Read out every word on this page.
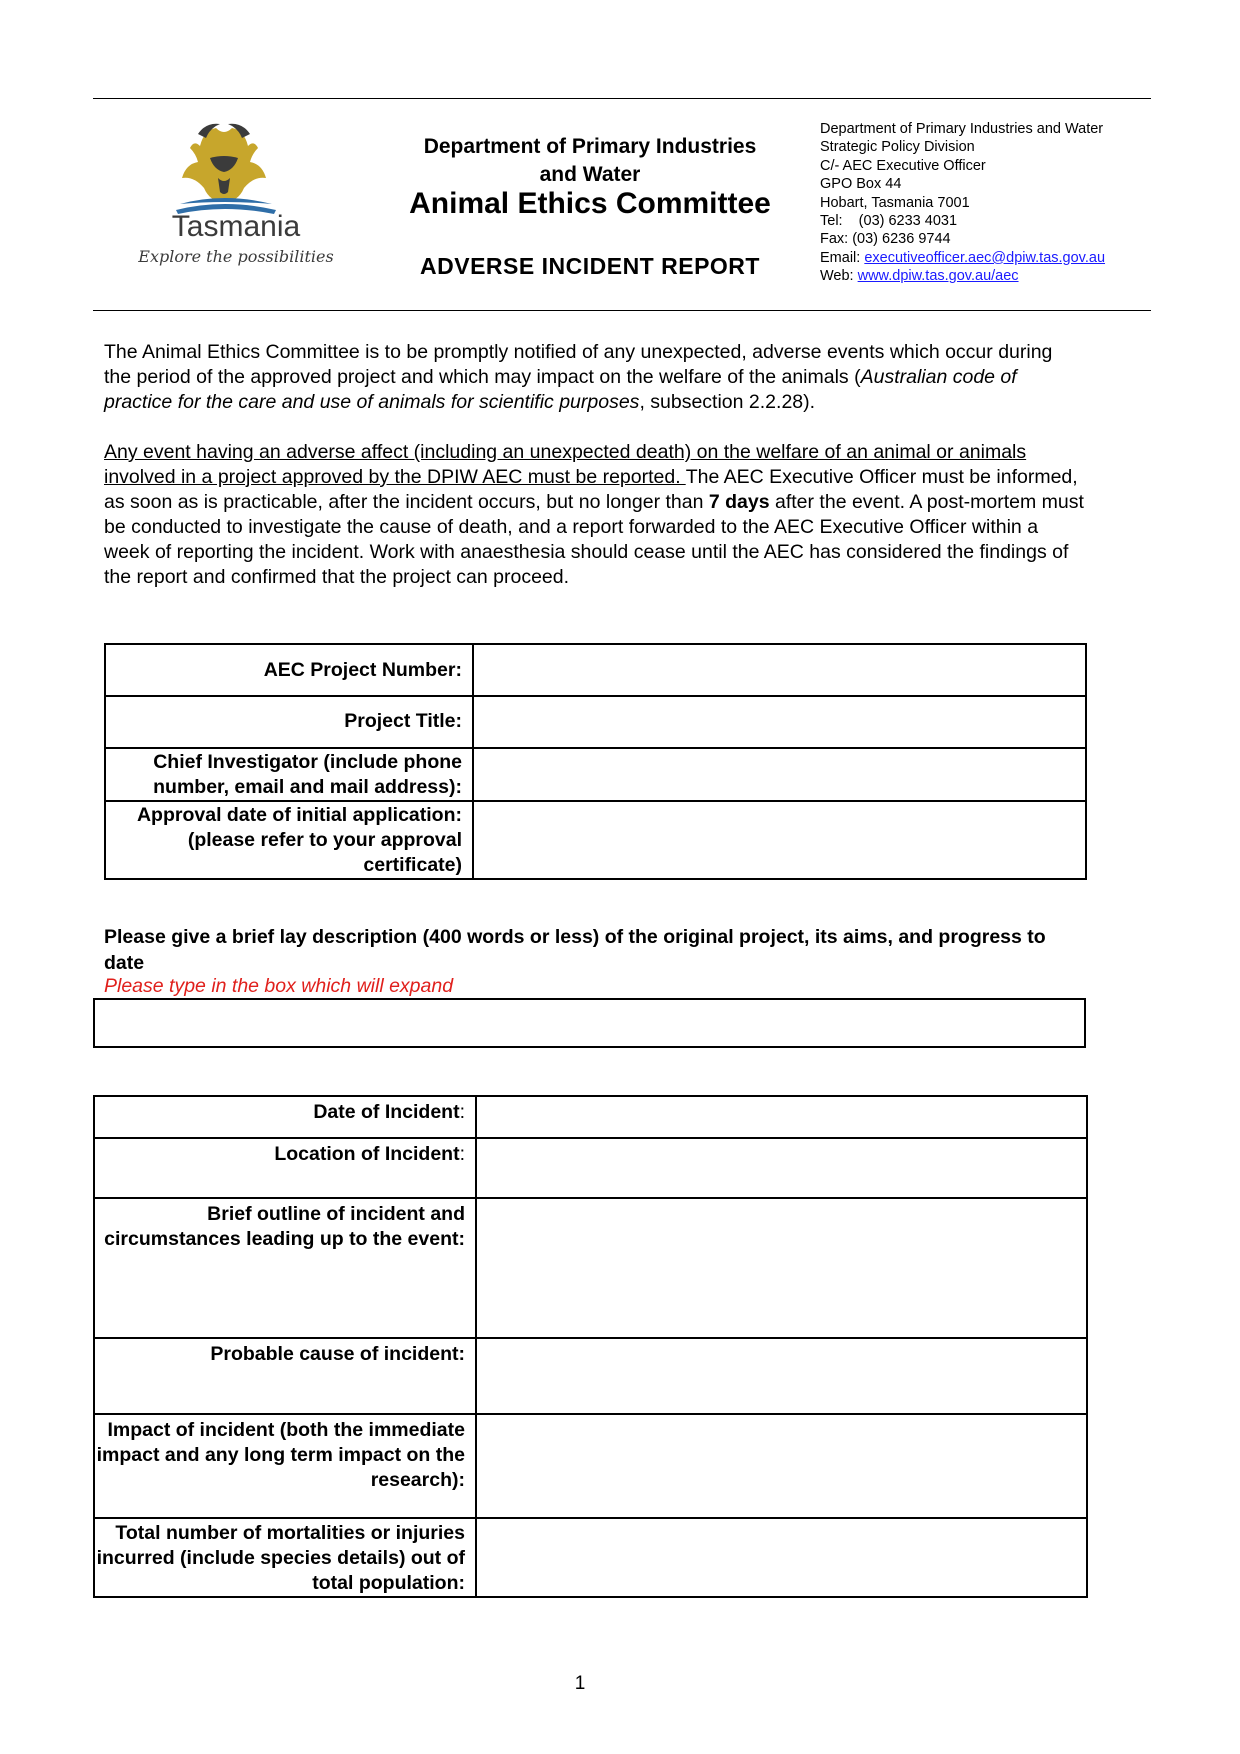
Tasmania
Explore the possibilities
Department of Primary Industries
and Water
Animal Ethics Committee
ADVERSE INCIDENT REPORT
Department of Primary Industries and Water
Strategic Policy Division
C/- AEC Executive Officer
GPO Box 44
Hobart, Tasmania 7001
Tel:    (03) 6233 4031
Fax: (03) 6236 9744
Email: executiveofficer.aec@dpiw.tas.gov.au
Web: www.dpiw.tas.gov.au/aec
The Animal Ethics Committee is to be promptly notified of any unexpected, adverse events which occur during the period of the approved project and which may impact on the welfare of the animals (Australian code of practice for the care and use of animals for scientific purposes, subsection 2.2.28).
Any event having an adverse affect (including an unexpected death) on the welfare of an animal or animals involved in a project approved by the DPIW AEC must be reported. The AEC Executive Officer must be informed, as soon as is practicable, after the incident occurs, but no longer than 7 days after the event. A post-mortem must be conducted to investigate the cause of death, and a report forwarded to the AEC Executive Officer within a week of reporting the incident. Work with anaesthesia should cease until the AEC has considered the findings of the report and confirmed that the project can proceed.
AEC Project Number:	
Project Title:	
Chief Investigator (include phone number, email and mail address):	
Approval date of initial application: (please refer to your approval certificate)	
Please give a brief lay description (400 words or less) of the original project, its aims, and progress to date
Please type in the box which will expand
Date of Incident:	
Location of Incident:	
Brief outline of incident and circumstances leading up to the event:	
Probable cause of incident:	
Impact of incident (both the immediate impact and any long term impact on the research):	
Total number of mortalities or injuries incurred (include species details) out of total population:	
1
